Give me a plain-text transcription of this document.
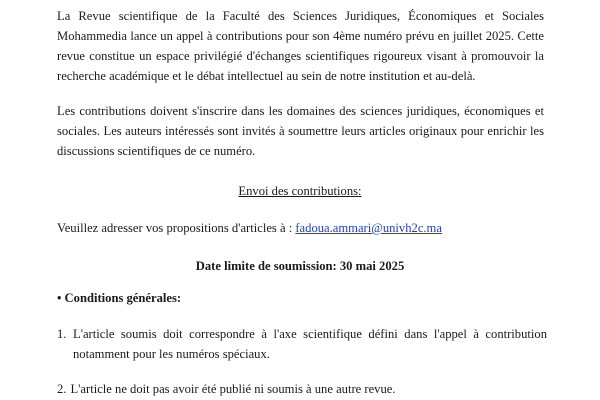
La Revue scientifique de la Faculté des Sciences Juridiques, Économiques et Sociales Mohammedia lance un appel à contributions pour son 4ème numéro prévu en juillet 2025. Cette revue constitue un espace privilégié d'échanges scientifiques rigoureux visant à promouvoir la recherche académique et le débat intellectuel au sein de notre institution et au-delà.

Les contributions doivent s'inscrire dans les domaines des sciences juridiques, économiques et sociales. Les auteurs intéressés sont invités à soumettre leurs articles originaux pour enrichir les discussions scientifiques de ce numéro.

Envoi des contributions:

Veuillez adresser vos propositions d'articles à : fadoua.ammari@univh2c.ma

Date limite de soumission: 30 mai 2025

• Conditions générales:

1. L'article soumis doit correspondre à l'axe scientifique défini dans l'appel à contribution notamment pour les numéros spéciaux.

2. L'article ne doit pas avoir été publié ni soumis à une autre revue.
